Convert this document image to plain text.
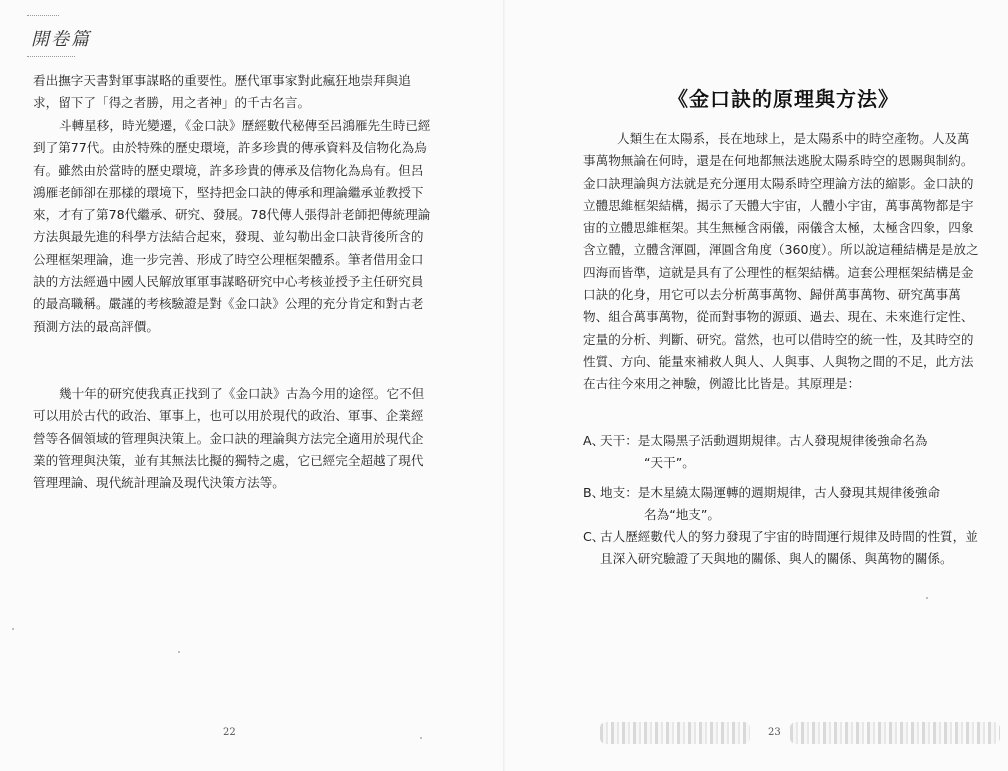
開卷篇

看出撫字天書對軍事謀略的重要性。歷代軍事家對此瘋狂地崇拜與追求，留下了「得之者勝，用之者神」的千古名言。

斗轉星移，時光變遷，《金口訣》歷經數代秘傳至呂鴻雁先生時已經到了第77代。由於特殊的歷史環境，許多珍貴的傳承資料及信物化為烏有。雖然由於當時的歷史環境，許多珍貴的傳承及信物化為烏有。但呂鴻雁老師卻在那樣的環境下，堅持把金口訣的傳承和理論繼承並教授下來，才有了第78代繼承、研究、發展。78代傳人張得計老師把傳統理論方法與最先進的科學方法結合起來，發現、並勾勒出金口訣背後所含的公理框架理論，進一步完善、形成了時空公理框架體系。筆者借用金口訣的方法經過中國人民解放軍軍事謀略研究中心考核並授予主任研究員的最高職稱。嚴謹的考核驗證是對《金口訣》公理的充分肯定和對古老預測方法的最高評價。

幾十年的研究使我真正找到了《金口訣》古為今用的途徑。它不但可以用於古代的政治、軍事上，也可以用於現代的政治、軍事、企業經營等各個領域的管理與決策上。金口訣的理論與方法完全適用於現代企業的管理與決策，並有其無法比擬的獨特之處，它已經完全超越了現代管理理論、現代統計理論及現代決策方法等。

《金口訣的原理與方法》

人類生在太陽系，長在地球上，是太陽系中的時空產物。人及萬事萬物無論在何時，還是在何地都無法逃脫太陽系時空的恩賜與制約。金口訣理論與方法就是充分運用太陽系時空理論方法的縮影。金口訣的立體思維框架結構，揭示了天體大宇宙，人體小宇宙，萬事萬物都是宇宙的立體思維框架。其生無極含兩儀，兩儀含太極，太極含四象，四象含立體，立體含渾圓，渾圓含角度（360度）。所以說這種結構是是放之四海而皆準，這就是具有了公理性的框架結構。這套公理框架結構是金口訣的化身，用它可以去分析萬事萬物、歸併萬事萬物、研究萬事萬物、組合萬事萬物，從而對事物的源頭、過去、現在、未來進行定性、定量的分析、判斷、研究。當然，也可以借時空的統一性，及其時空的性質、方向、能量來補救人與人、人與事、人與物之間的不足，此方法在古往今來用之神驗，例證比比皆是。其原理是：

A、
天干：是太陽黑子活動週期規律。古人發現規律後強命名為
“天干”。
B、
地支：是木星繞太陽運轉的週期規律，古人發現其規律後強命
名為“地支”。
C、
古人歷經數代人的努力發現了宇宙的時間運行規律及時間的性質，並且深入研究驗證了天與地的關係、與人的關係、與萬物的關係。
22	23
